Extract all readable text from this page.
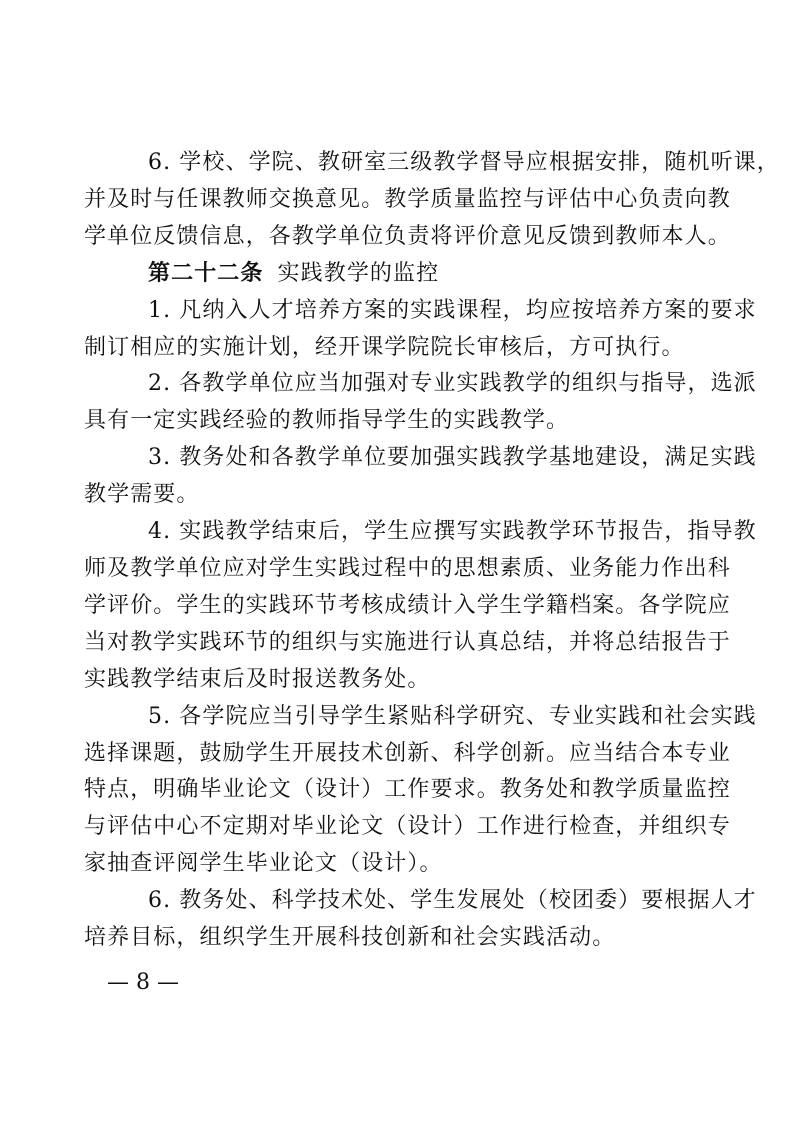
6. 学校、学院、教研室三级教学督导应根据安排，随机听课，
并及时与任课教师交换意见。教学质量监控与评估中心负责向教
学单位反馈信息，各教学单位负责将评价意见反馈到教师本人。
第二十二条 实践教学的监控
1. 凡纳入人才培养方案的实践课程，均应按培养方案的要求
制订相应的实施计划，经开课学院院长审核后，方可执行。
2. 各教学单位应当加强对专业实践教学的组织与指导，选派
具有一定实践经验的教师指导学生的实践教学。
3. 教务处和各教学单位要加强实践教学基地建设，满足实践
教学需要。
4. 实践教学结束后，学生应撰写实践教学环节报告，指导教
师及教学单位应对学生实践过程中的思想素质、业务能力作出科
学评价。学生的实践环节考核成绩计入学生学籍档案。各学院应
当对教学实践环节的组织与实施进行认真总结，并将总结报告于
实践教学结束后及时报送教务处。
5. 各学院应当引导学生紧贴科学研究、专业实践和社会实践
选择课题，鼓励学生开展技术创新、科学创新。应当结合本专业
特点，明确毕业论文（设计）工作要求。教务处和教学质量监控
与评估中心不定期对毕业论文（设计）工作进行检查，并组织专
家抽查评阅学生毕业论文（设计）。
6. 教务处、科学技术处、学生发展处（校团委）要根据人才
培养目标，组织学生开展科技创新和社会实践活动。
— 8 —
